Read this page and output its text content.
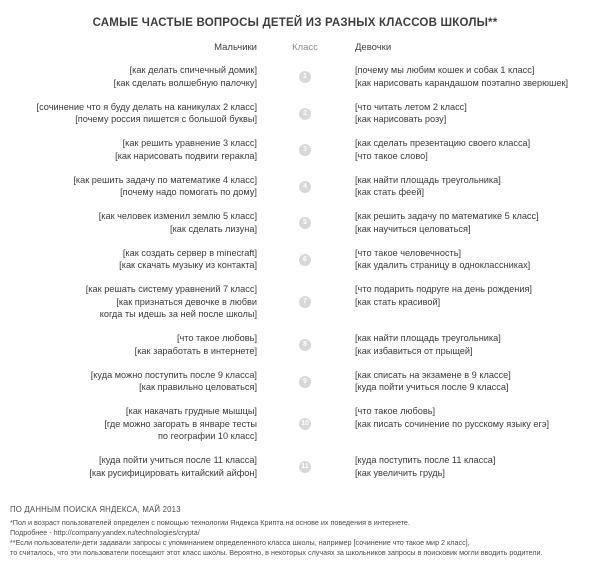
САМЫЕ ЧАСТЫЕ ВОПРОСЫ ДЕТЕЙ ИЗ РАЗНЫХ КЛАССОВ ШКОЛЫ**
Мальчики	Класс	Девочки
[как делать спичечный домик]
[как сделать волшебную палочку]
1
[почему мы любим кошек и собак 1 класс]
[как нарисовать карандашом поэтапно зверюшек]
[сочинение что я буду делать на каникулах 2 класс]
[почему россия пишется с большой буквы]
2
[что читать летом 2 класс]
[как нарисовать розу]
[как решить уравнение 3 класс]
[как нарисовать подвиги геракла]
3
[как сделать презентацию своего класса]
[что такое слово]
[как решить задачу по математике 4 класс]
[почему надо помогать по дому]
4
[как найти площадь треугольника]
[как стать феей]
[как человек изменил землю 5 класс]
[как сделать лизуна]
5
[как решить задачу по математике 5 класс]
[как научиться целоваться]
[как создать сервер в minecraft]
[как скачать музыку из контакта]
6
[что такое человечность]
[как удалить страницу в одноклассниках]
[как решать систему уравнений 7 класс]
[как признаться девочке в любви
когда ты идешь за ней после школы]
7
[что подарить подруге на день рождения]
[как стать красивой]
[что такое любовь]
[как заработать в интернете]
8
[как найти площадь треугольника]
[как избавиться от прыщей]
[куда можно поступить после 9 класса]
[как правильно целоваться]
9
[как списать на экзамене в 9 классе]
[куда пойти учиться после 9 класса]
[как накачать грудные мышцы]
[где можно загорать в январе тесты
по географии 10 класс]
10
[что такое любовь]
[как писать сочинение по русскому языку егэ]
[куда пойти учиться после 11 класса]
[как русифицировать китайский айфон]
11
[куда поступить после 11 класса]
[как увеличить грудь]
ПО ДАННЫМ ПОИСКА ЯНДЕКСА, МАЙ 2013
*Пол и возраст пользователей определен с помощью технологии Яндекса Крипта на основе их поведения в интернете.
Подробнее - http://company.yandex.ru/technologies/crypta/
**Если пользователи-дети задавали запросы с упоминанием определенного класса школы, например [сочинение что такое мир 2 класс],
то считалось, что эти пользователи посещают этот класс школы. Вероятно, в некоторых случаях за школьников запросы в поисковик могли вводить родители.
